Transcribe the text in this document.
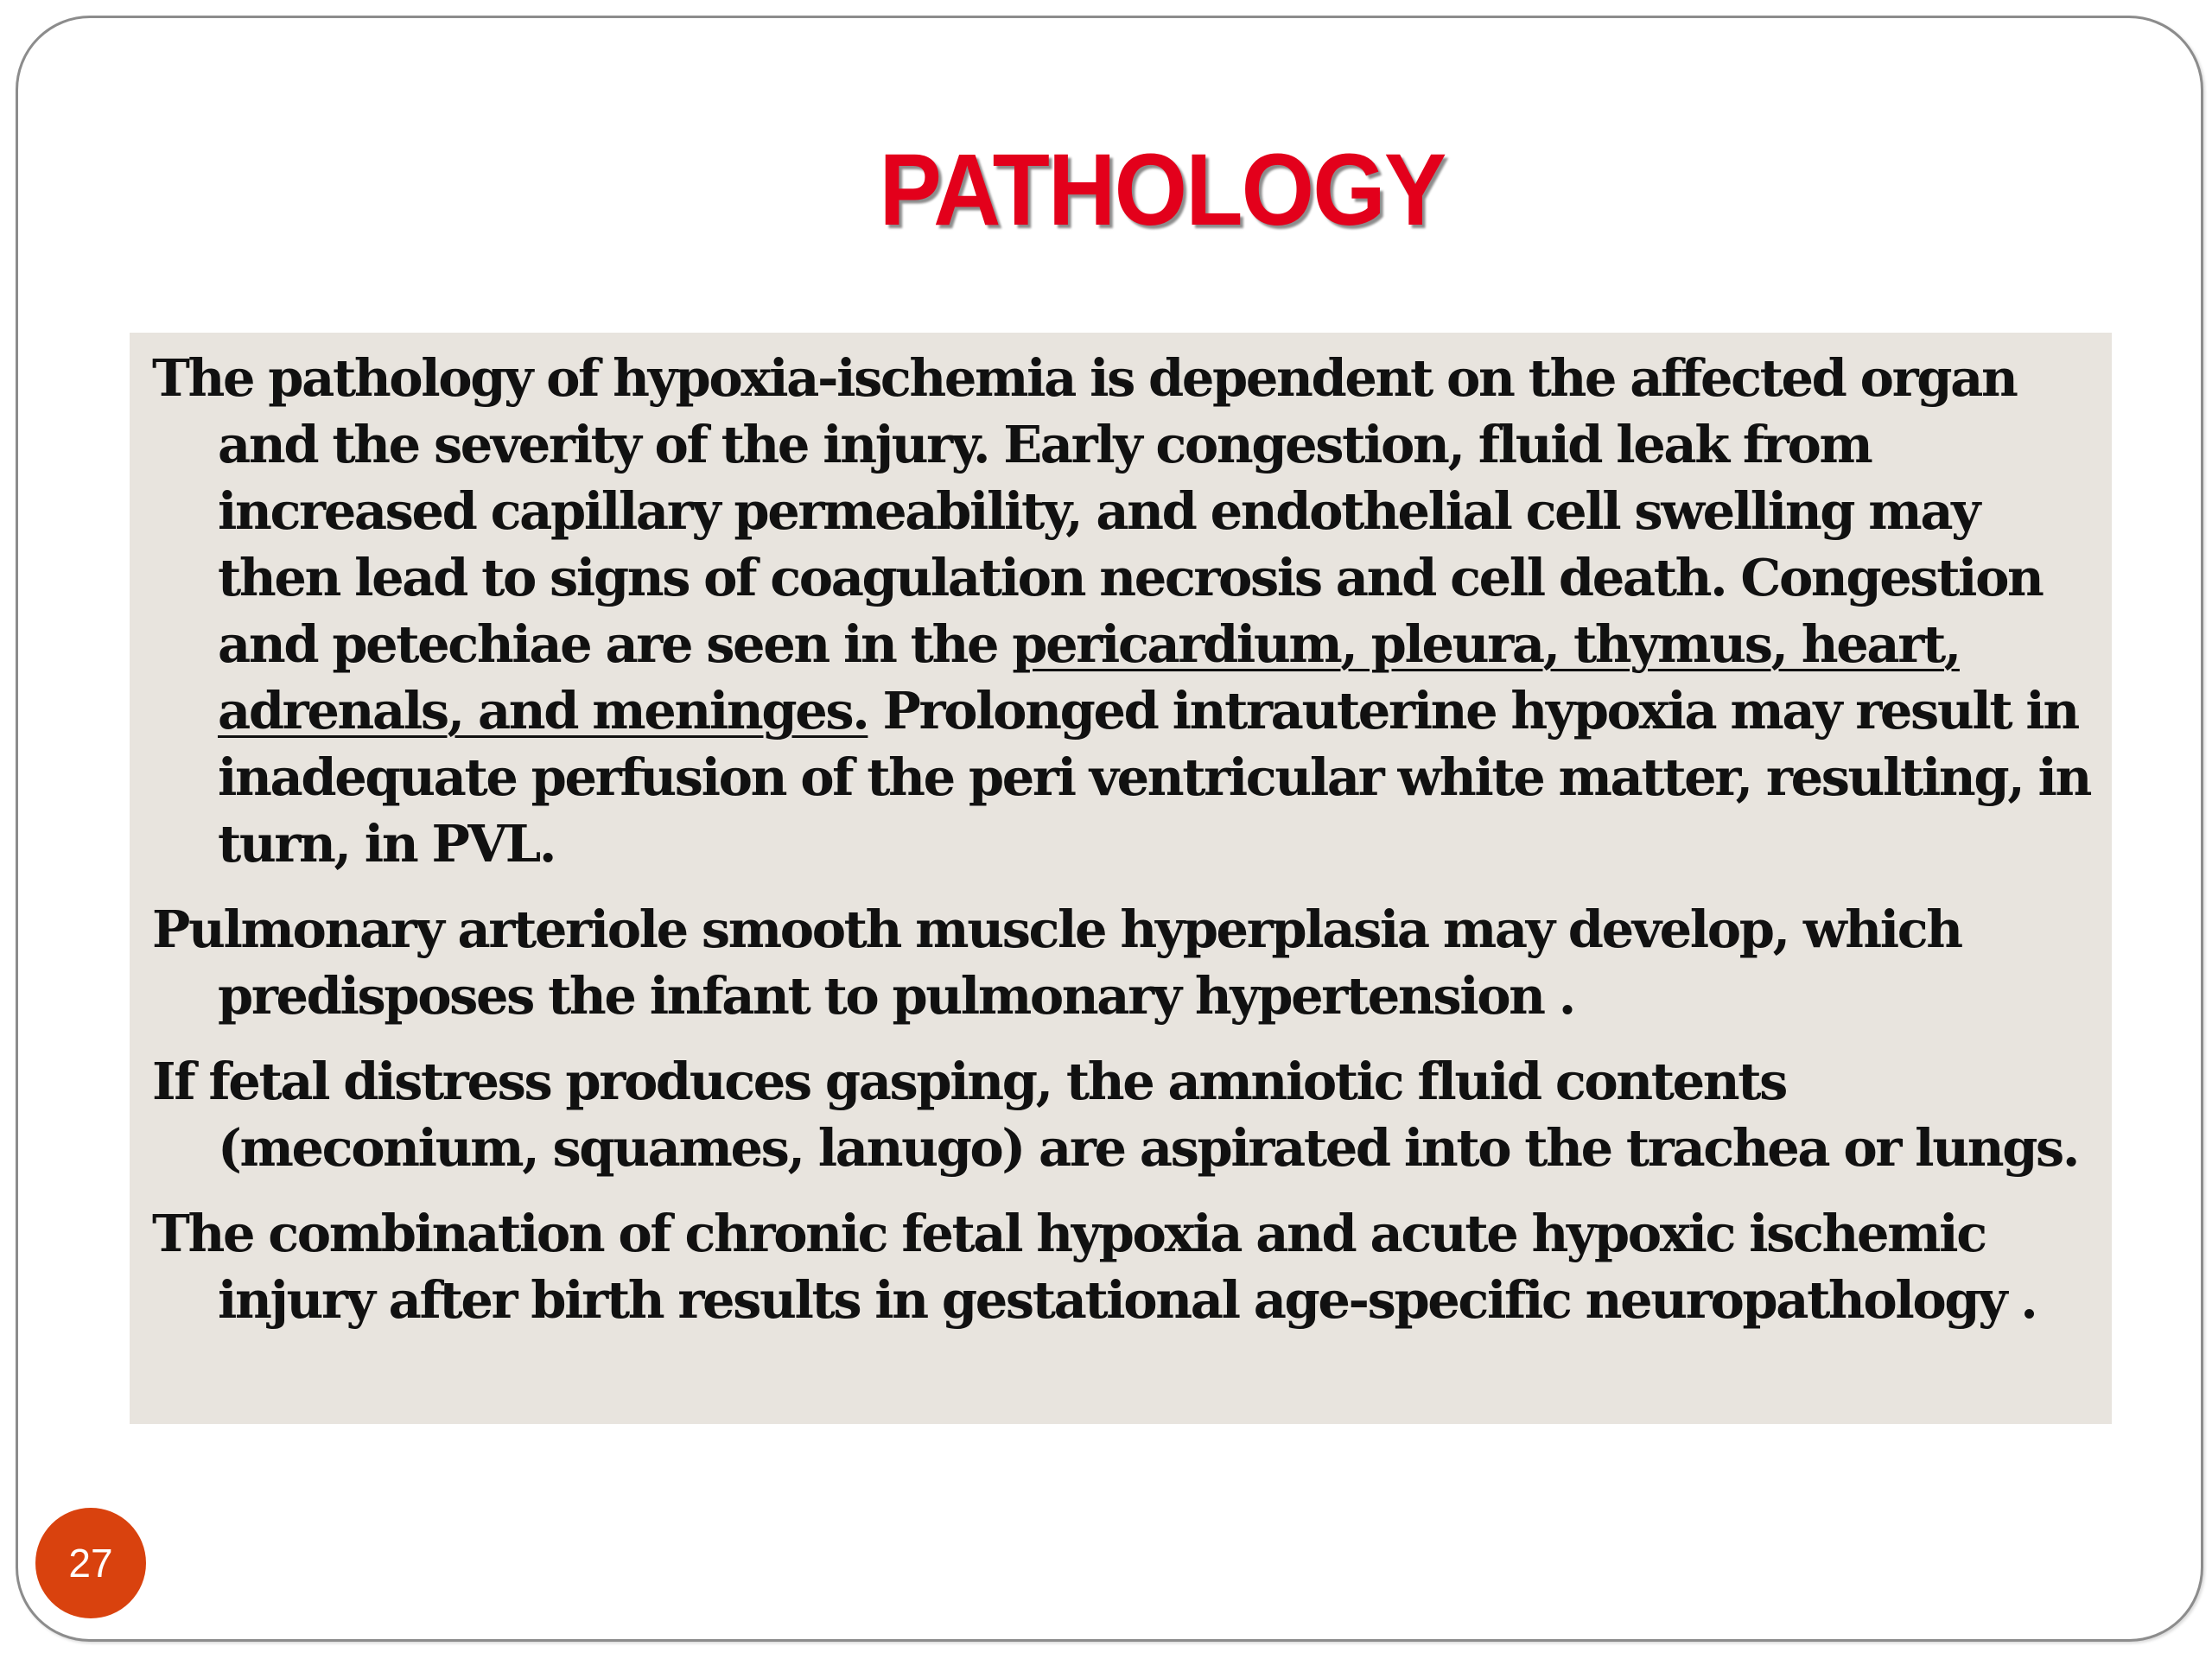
PATHOLOGY

The pathology of hypoxia-ischemia is dependent on the affected organ and the severity of the injury. Early congestion, fluid leak from increased capillary permeability, and endothelial cell swelling may then lead to signs of coagulation necrosis and cell death. Congestion and petechiae are seen in the pericardium, pleura, thymus, heart, adrenals, and meninges. Prolonged intrauterine hypoxia may result in inadequate perfusion of the peri ventricular white matter, resulting, in turn, in PVL.

Pulmonary arteriole smooth muscle hyperplasia may develop, which predisposes the infant to pulmonary hypertension .

If fetal distress produces gasping, the amniotic fluid contents (meconium, squames, lanugo) are aspirated into the trachea or lungs.

The combination of chronic fetal hypoxia and acute hypoxic ischemic injury after birth results in gestational age-specific neuropathology .

27
